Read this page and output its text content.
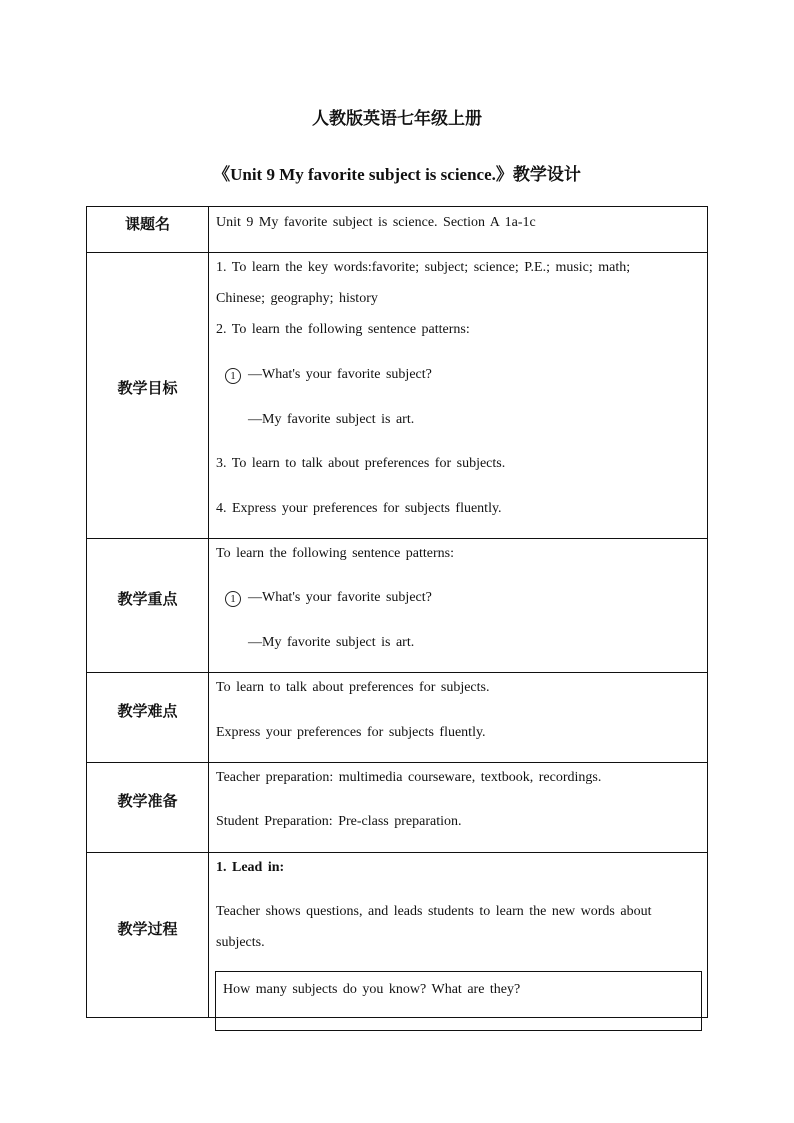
人教版英语七年级上册
《Unit 9 My favorite subject is science.》教学设计
课题名	Unit 9 My favorite subject is science. Section A 1a-1c
教学目标
1. To learn the key words:favorite; subject; science; P.E.; music; math;
Chinese; geography; history
2. To learn the following sentence patterns:
1 —What's your favorite subject?
—My favorite subject is art.
3. To learn to talk about preferences for subjects.
4. Express your preferences for subjects fluently.
教学重点
To learn the following sentence patterns:
1 —What's your favorite subject?
—My favorite subject is art.
教学难点
To learn to talk about preferences for subjects.
Express your preferences for subjects fluently.
教学准备
Teacher preparation: multimedia courseware, textbook, recordings.
Student Preparation: Pre-class preparation.
教学过程
1. Lead in:
Teacher shows questions, and leads students to learn the new words about
subjects.
How many subjects do you know? What are they?
